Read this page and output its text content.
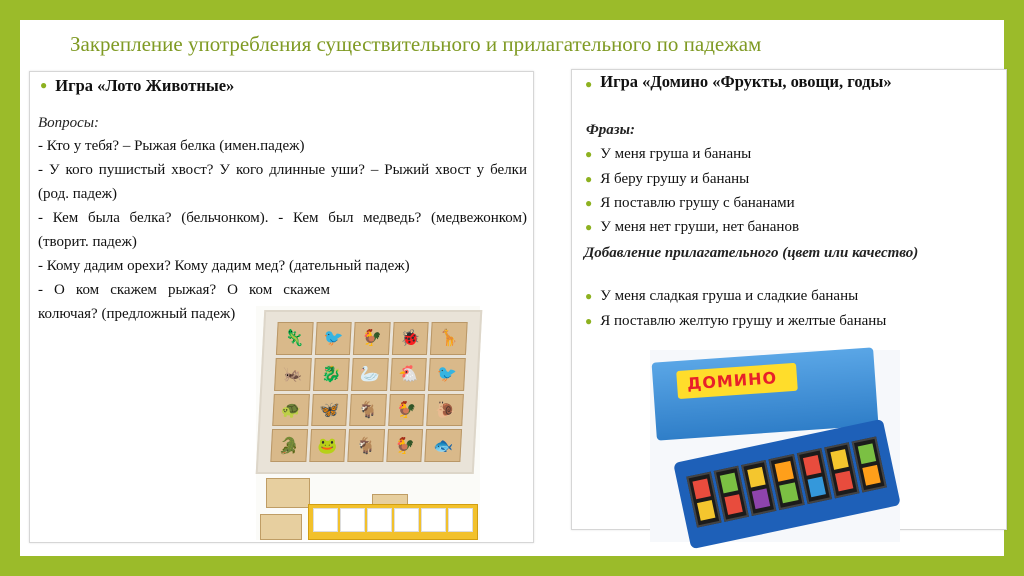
Закрепление употребления существительного и прилагательного по падежам
● Игра «Лото Животные»
Вопросы:
- Кто у тебя? – Рыжая белка (имен.падеж)
- У кого пушистый хвост? У кого длинные уши? – Рыжий хвост у белки (род. падеж)
- Кем была белка? (бельчонком). - Кем был медведь? (медвежонком) (творит. падеж)
- Кому дадим орехи? Кому дадим мед? (дательный падеж)
- О ком скажем рыжая? О ком скажем колючая? (предложный падеж)
🦎 🐦 🐓 🐞 🦒
🦗 🐉 🦢 🐔 🐦
🐢 🦋 🐐 🐓 🐌
🐊 🐸 🐐 🐓 🐟
● Игра «Домино «Фрукты, овощи, годы»
Фразы:
● У меня груша и бананы
● Я беру грушу и бананы
● Я поставлю грушу с бананами
● У меня нет груши, нет бананов
Добавление прилагательного (цвет или качество)
● У меня сладкая груша и сладкие бананы
● Я поставлю желтую грушу и желтые бананы
ДОМИНО
